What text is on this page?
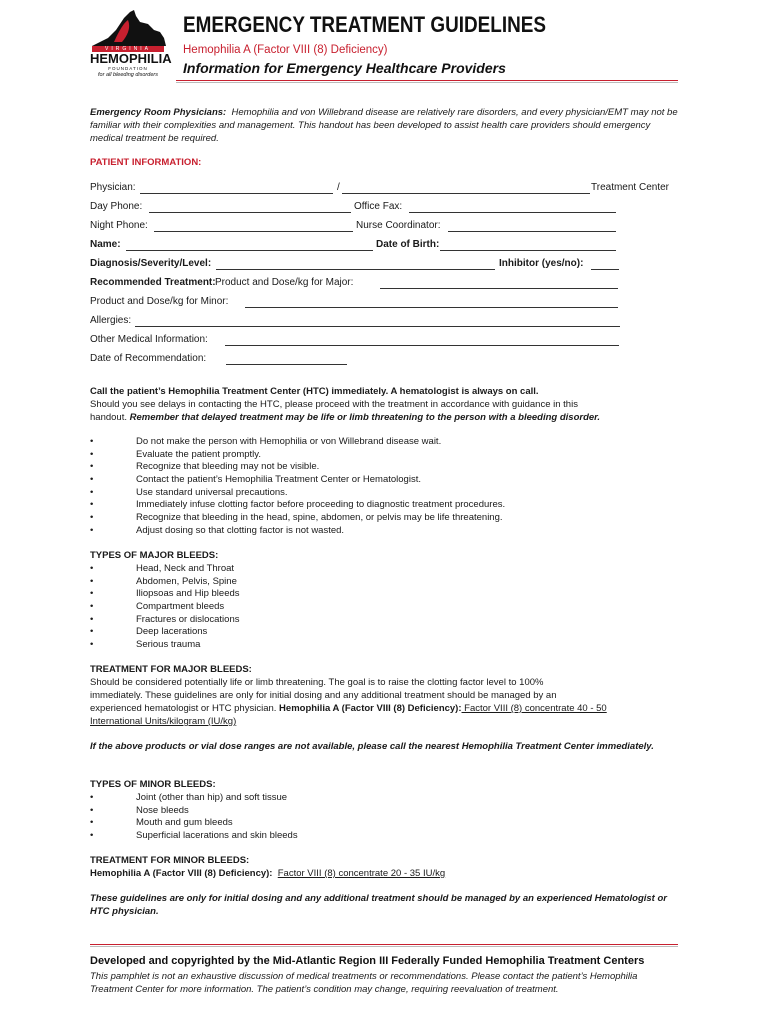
VIRGINIA
HEMOPHILIA
FOUNDATION
for all bleeding disorders
EMERGENCY TREATMENT GUIDELINES
Hemophilia A (Factor VIII (8) Deficiency)
Information for Emergency Healthcare Providers
Emergency Room Physicians: Hemophilia and von Willebrand disease are relatively rare disorders, and every physician/EMT may not be familiar with their complexities and management. This handout has been developed to assist health care providers should emergency medical treatment be required.
PATIENT INFORMATION:
Physician:	/	Treatment Center
Day Phone:	Office Fax:
Night Phone:	Nurse Coordinator:
Name:	Date of Birth:
Diagnosis/Severity/Level:	Inhibitor (yes/no):
Recommended Treatment: Product and Dose/kg for Major:
Product and Dose/kg for Minor:
Allergies:
Other Medical Information:
Date of Recommendation:
Call the patient’s Hemophilia Treatment Center (HTC) immediately. A hematologist is always on call.
Should you see delays in contacting the HTC, please proceed with the treatment in accordance with guidance in this
handout. Remember that delayed treatment may be life or limb threatening to the person with a bleeding disorder.
•	Do not make the person with Hemophilia or von Willebrand disease wait.
•	Evaluate the patient promptly.
•	Recognize that bleeding may not be visible.
•	Contact the patient’s Hemophilia Treatment Center or Hematologist.
•	Use standard universal precautions.
•	Immediately infuse clotting factor before proceeding to diagnostic treatment procedures.
•	Recognize that bleeding in the head, spine, abdomen, or pelvis may be life threatening.
•	Adjust dosing so that clotting factor is not wasted.
TYPES OF MAJOR BLEEDS:
•	Head, Neck and Throat
•	Abdomen, Pelvis, Spine
•	Iliopsoas and Hip bleeds
•	Compartment bleeds
•	Fractures or dislocations
•	Deep lacerations
•	Serious trauma
TREATMENT FOR MAJOR BLEEDS:
Should be considered potentially life or limb threatening. The goal is to raise the clotting factor level to 100%
immediately. These guidelines are only for initial dosing and any additional treatment should be managed by an
experienced hematologist or HTC physician. Hemophilia A (Factor VIII (8) Deficiency): Factor VIII (8) concentrate 40 - 50
International Units/kilogram (IU/kg)
If the above products or vial dose ranges are not available, please call the nearest Hemophilia Treatment Center immediately.
TYPES OF MINOR BLEEDS:
•	Joint (other than hip) and soft tissue
•	Nose bleeds
•	Mouth and gum bleeds
•	Superficial lacerations and skin bleeds
TREATMENT FOR MINOR BLEEDS:
Hemophilia A (Factor VIII (8) Deficiency): Factor VIII (8) concentrate 20 - 35 IU/kg
These guidelines are only for initial dosing and any additional treatment should be managed by an experienced Hematologist or HTC physician.
Developed and copyrighted by the Mid-Atlantic Region III Federally Funded Hemophilia Treatment Centers
This pamphlet is not an exhaustive discussion of medical treatments or recommendations. Please contact the patient’s Hemophilia Treatment Center for more information. The patient’s condition may change, requiring reevaluation of treatment.
